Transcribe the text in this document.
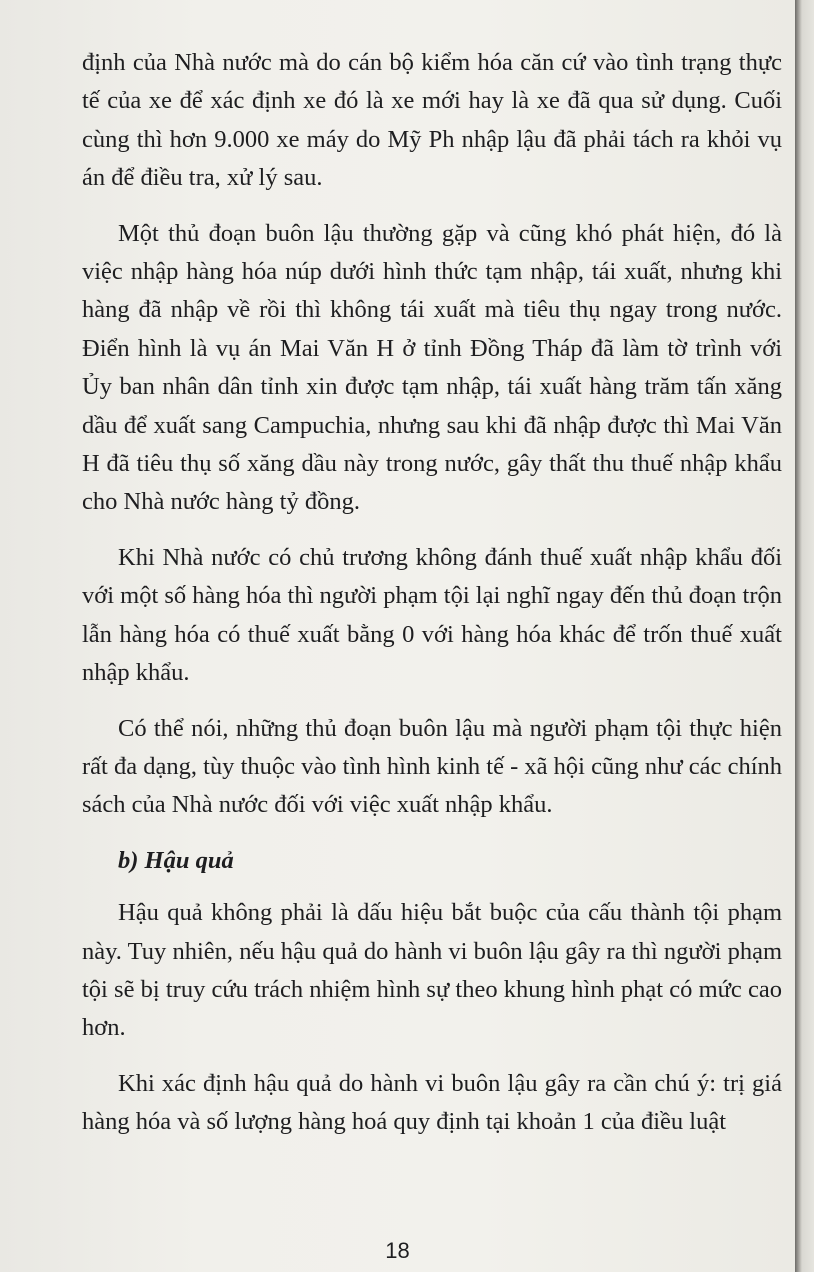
định của Nhà nước mà do cán bộ kiểm hóa căn cứ vào tình trạng thực tế của xe để xác định xe đó là xe mới hay là xe đã qua sử dụng. Cuối cùng thì hơn 9.000 xe máy do Mỹ Ph nhập lậu đã phải tách ra khỏi vụ án để điều tra, xử lý sau.

Một thủ đoạn buôn lậu thường gặp và cũng khó phát hiện, đó là việc nhập hàng hóa núp dưới hình thức tạm nhập, tái xuất, nhưng khi hàng đã nhập về rồi thì không tái xuất mà tiêu thụ ngay trong nước. Điển hình là vụ án Mai Văn H ở tỉnh Đồng Tháp đã làm tờ trình với Ủy ban nhân dân tỉnh xin được tạm nhập, tái xuất hàng trăm tấn xăng dầu để xuất sang Campuchia, nhưng sau khi đã nhập được thì Mai Văn H đã tiêu thụ số xăng dầu này trong nước, gây thất thu thuế nhập khẩu cho Nhà nước hàng tỷ đồng.

Khi Nhà nước có chủ trương không đánh thuế xuất nhập khẩu đối với một số hàng hóa thì người phạm tội lại nghĩ ngay đến thủ đoạn trộn lẫn hàng hóa có thuế xuất bằng 0 với hàng hóa khác để trốn thuế xuất nhập khẩu.

Có thể nói, những thủ đoạn buôn lậu mà người phạm tội thực hiện rất đa dạng, tùy thuộc vào tình hình kinh tế - xã hội cũng như các chính sách của Nhà nước đối với việc xuất nhập khẩu.

b) Hậu quả

Hậu quả không phải là dấu hiệu bắt buộc của cấu thành tội phạm này. Tuy nhiên, nếu hậu quả do hành vi buôn lậu gây ra thì người phạm tội sẽ bị truy cứu trách nhiệm hình sự theo khung hình phạt có mức cao hơn.

Khi xác định hậu quả do hành vi buôn lậu gây ra cần chú ý: trị giá hàng hóa và số lượng hàng hoá quy định tại khoản 1 của điều luật

18
